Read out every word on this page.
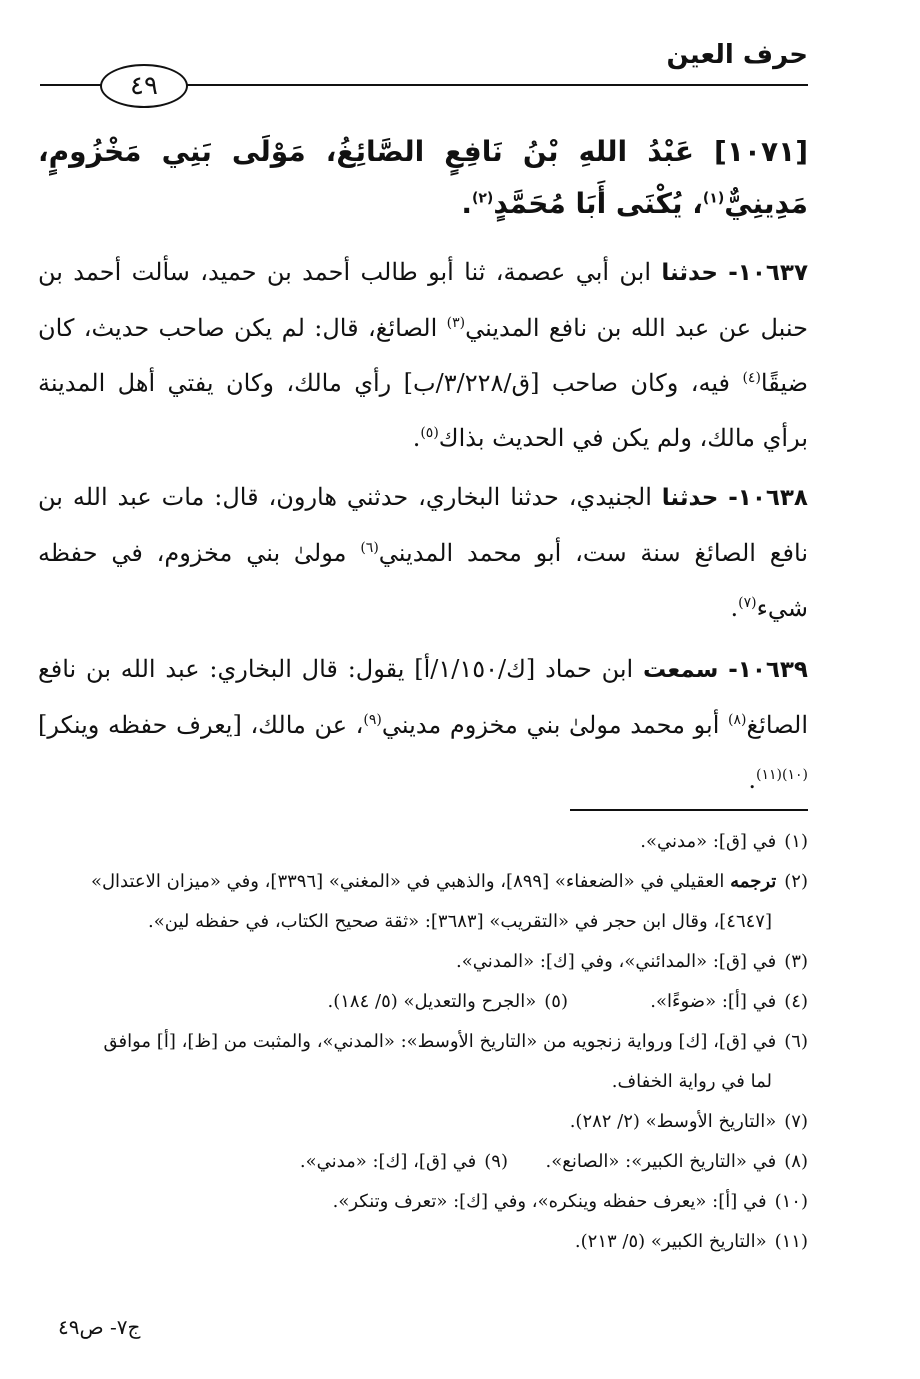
حرف العين
٤٩
[١٠٧١] عَبْدُ اللهِ بْنُ نَافِعٍ الصَّائِغُ، مَوْلَى بَنِي مَخْزُومٍ، مَدِينِيٌّ$^{(١)}$، يُكْنَى أَبَا مُحَمَّدٍ$^{(٢)}$.
١٠٦٣٧- حدثنا ابن أبي عصمة، ثنا أبو طالب أحمد بن حميد، سألت أحمد بن حنبل عن عبد الله بن نافع المديني$^{(٣)}$ الصائغ، قال: لم يكن صاحب حديث، كان ضيقًا$^{(٤)}$ فيه، وكان صاحب [ق/٣/٢٢٨/ب] رأي مالك، وكان يفتي أهل المدينة برأي مالك، ولم يكن في الحديث بذاك$^{(٥)}$.
١٠٦٣٨- حدثنا الجنيدي، حدثنا البخاري، حدثني هارون، قال: مات عبد الله بن نافع الصائغ سنة ست، أبو محمد المديني$^{(٦)}$ مولىٰ بني مخزوم، في حفظه شيء$^{(٧)}$.
١٠٦٣٩- سمعت ابن حماد [ك/١/١٥٠/أ] يقول: قال البخاري: عبد الله بن نافع الصائغ$^{(٨)}$ أبو محمد مولىٰ بني مخزوم مديني$^{(٩)}$، عن مالك، [يعرف حفظه وينكر]$^{(١٠)(١١)}$.

(١)في [ق]: «مدني».

(٢)ترجمه العقيلي في «الضعفاء» [٨٩٩]، والذهبي في «المغني» [٣٣٩٦]، وفي «ميزان الاعتدال»

[٤٦٤٧]، وقال ابن حجر في «التقريب» [٣٦٨٣]: «ثقة صحيح الكتاب، في حفظه لين».

(٣)في [ق]: «المدائني»، وفي [ك]: «المدني».

(٤)في [أ]: «ضوءًا».

(٥)«الجرح والتعديل» (٥/ ١٨٤).

(٦)في [ق]، [ك] ورواية زنجويه من «التاريخ الأوسط»: «المدني»، والمثبت من [ظ]، [أ] موافق

لما في رواية الخفاف.

(٧)«التاريخ الأوسط» (٢/ ٢٨٢).

(٨)في «التاريخ الكبير»: «الصانع».

(٩)في [ق]، [ك]: «مدني».

(١٠)في [أ]: «يعرف حفظه وينكره»، وفي [ك]: «تعرف وتنكر».

(١١)«التاريخ الكبير» (٥/ ٢١٣).

ج٧- ص٤٩
